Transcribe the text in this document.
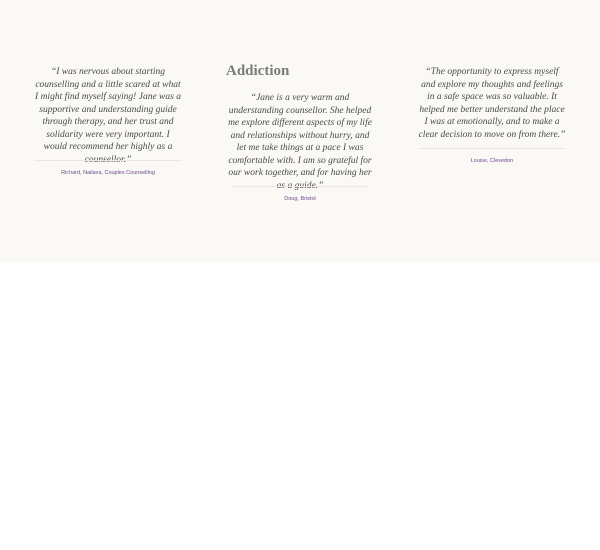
“I was nervous about starting counselling and a little scared at what I might find myself saying! Jane was a supportive and understanding guide through therapy, and her trust and solidarity were very important. I would recommend her highly as a counsellor.”

Richard, Nailsea, Couples Counselling
Addiction
“Jane is a very warm and understanding counsellor. She helped me explore different aspects of my life and relationships without hurry, and let me take things at a pace I was comfortable with. I am so grateful for our work together, and for having her as a guide.”
Doug, Bristol

“The opportunity to express myself and explore my thoughts and feelings in a safe space was so valuable. It helped me better understand the place I was at emotionally, and to make a clear decision to move on from there.”

Louise, Clevedon
